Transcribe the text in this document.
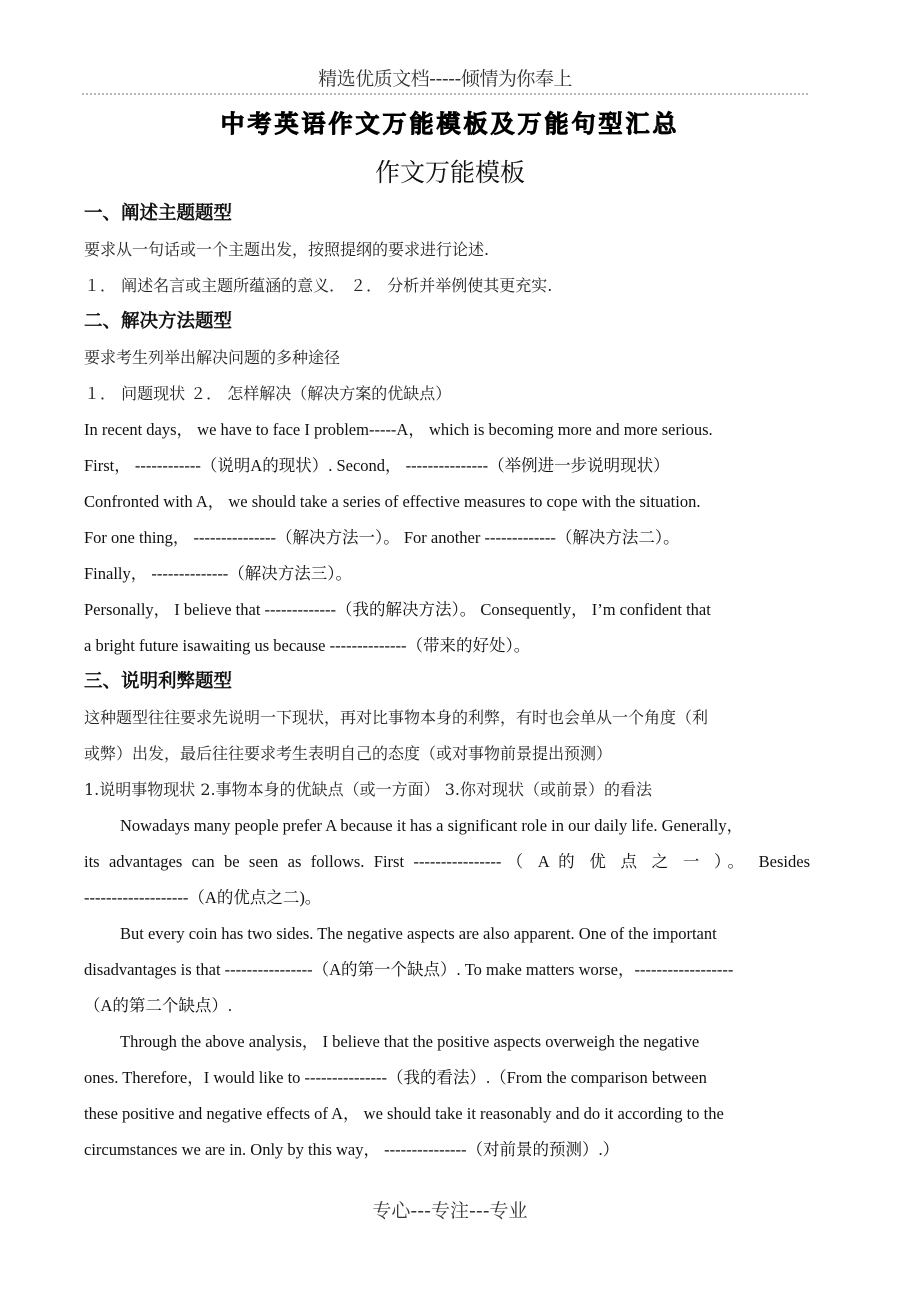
精选优质文档-----倾情为你奉上
中考英语作文万能模板及万能句型汇总
作文万能模板
一、阐述主题题型
要求从一句话或一个主题出发，按照提纲的要求进行论述.
１． 阐述名言或主题所蕴涵的意义． ２． 分析并举例使其更充实.
二、解决方法题型
要求考生列举出解决问题的多种途径
１． 问题现状 ２． 怎样解决（解决方案的优缺点）
In recent days， we have to face I problem-----A， which is becoming more and more serious.
First， ------------（说明A的现状）. Second， ---------------（举例进一步说明现状）
Confronted with A， we should take a series of effective measures to cope with the situation.
For one thing， ---------------（解决方法一）。 For another -------------（解决方法二）。
Finally， --------------（解决方法三）。
Personally， I believe that -------------（我的解决方法）。 Consequently， I’m confident that
a bright future isawaiting us because --------------（带来的好处）。
三、说明利弊题型
这种题型往往要求先说明一下现状，再对比事物本身的利弊，有时也会单从一个角度（利
或弊）出发，最后往往要求考生表明自己的态度（或对事物前景提出预测）
1.说明事物现状 2.事物本身的优缺点（或一方面） 3.你对现状（或前景）的看法
Nowadays many people prefer A because it has a significant role in our daily life. Generally，
its advantages can be seen as follows. First ----------------（ A 的 优 点 之 一 ）。 Besides
-------------------（A的优点之二)。
But every coin has two sides. The negative aspects are also apparent. One of the important
disadvantages is that ----------------（A的第一个缺点）. To make matters worse，------------------
（A的第二个缺点）.
Through the above analysis， I believe that the positive aspects overweigh the negative
ones. Therefore，I would like to ---------------（我的看法）.（From the comparison between
these positive and negative effects of A， we should take it reasonably and do it according to the
circumstances we are in. Only by this way， ---------------（对前景的预测）.）
专心---专注---专业
